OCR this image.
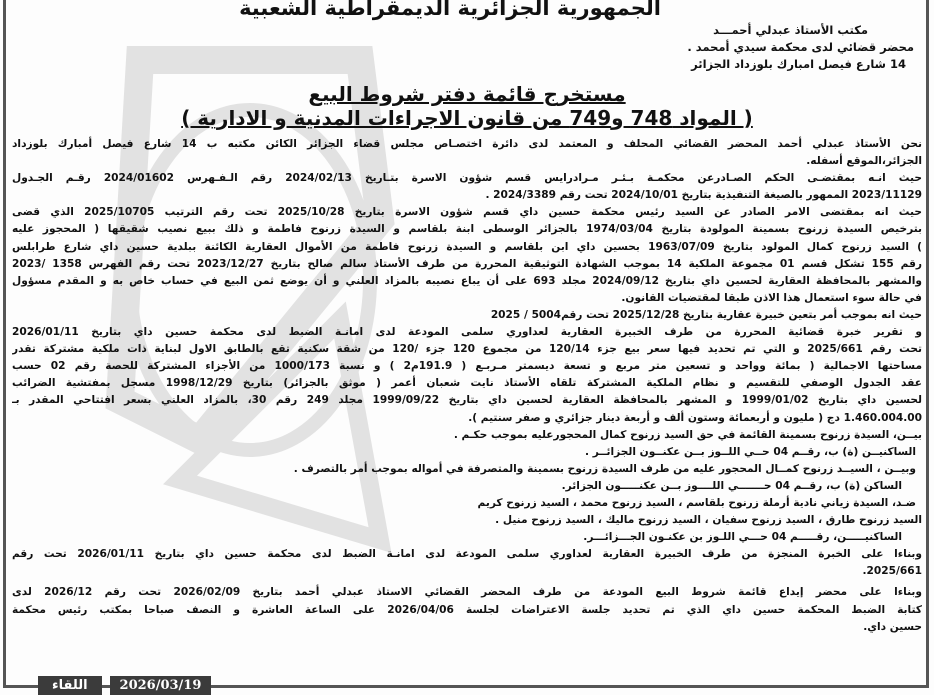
الجمهورية الجزائرية الديمقراطية الشعبية
مكتب الأستاذ عبدلي أحمـــد
محضر قضائي لدى محكمة سيدي أمحمد .
14 شارع فيصل امبارك بلوزداد الجزائر
مستخرج قائمة دفتر شروط البيع
( المواد 748 و749 من قانون الاجراءات المدنية و الادارية )
نحن الأستاذ عبدلي أحمد المحضر القضائي المحلف و المعتمد لدى دائرة اختصـاص مجلس قضاء الجزائر الكائن مكتبه ب 14 شارع فيصل أمبارك بلوزداد
الجزائر،الموقع أسفله.
حيث انـه بمقتضـى الحكم الصـادرعن محكمـة بـئـر مـرادرايس قسم شؤون الاسرة بتـاريخ 2024/02/13 رقم الـفـهرس 2024/01602 رقـم الجـدول
2023/11129 الممهور بالصيغة التنفيذية بتاريخ 2024/10/01 تحت رقم 2024/3389 .
حيث انه بمقتضى الامر الصادر عن السيد رئيس محكمة حسين داي قسم شؤون الاسرة بتاريخ 2025/10/28 تحت رقم الترتيب 2025/10705 الذي قضى
بترخيص السيدة زرنوح بسمينة المولودة بتاريخ 1974/03/04 بالجزائر الوسطى ابنة بلقاسم و السيدة زرنوح فاطمة و ذلك ببيع نصيب شقيقها ( المحجوز عليه
) السيد زرنوح كمال المولود بتاريخ 1963/07/09 بحسين داي ابن بلقاسم و السيدة زرنوح فاطمة من الأموال العقارية الكائنة ببلدية حسين داي شارع طرابلس
رقم 155 تشكل قسم 01 مجموعة الملكية 14 بموجب الشهادة التوثيقية المحررة من طرف الأستاذ سالم صالح بتاريخ 2023/12/27 تحت رقم الفهرس 1358 /2023
والمشهر بالمحافظة العقارية لحسين داي بتاريخ 2024/09/12 مجلد 693 على أن يباع نصيبه بالمزاد العلني و أن يوضع ثمن البيع في حساب خاص به و المقدم مسؤول
في حالة سوء استعمال هذا الاذن طبقا لمقتضيات القانون.
حيث انه بموجب أمر بتعين خبيرة عقارية بتاريخ 2025/12/28 تحت رقم5004 / 2025
و تقرير خبرة قضائية المحررة من طرف الخبيرة العقارية لعداوري سلمى المودعة لدى امانـة الضبط لدى محكمة حسين داي بتاريخ 2026/01/11
تحت رقم 2025/661 و التي تم تحديد فيها سعر بيع جزء 120/14 من مجموع 120 جزء /120 من شقة سكنية تقع بالطابق الاول لبناية ذات ملكية مشتركة تقدر
مساحتها الاجمالية ( بمائة وواحد و تسعين متر مربع و تسعة ديسمتر مـربـع ( 191.9م2 ) و نسبة 1000/173 من الأجزاء المشتركة للحصة رقم 02 حسب
عقد الجدول الوصفي للتقسيم و نظام الملكية المشتركة تلقاه الأستاذ نايت شعبان أعمر ( موثق بالجزائر) بتاريخ 1998/12/29 مسجل بمفتشية الضرائب
لحسين داي بتاريخ 1999/01/02 و المشهر بالمحافظة العقارية لحسين داي بتاريخ 1999/09/22 مجلد 249 رقم 30، بالمزاد العلني بسعر افتتاحي المقدر بـ
1.460.004.00 دج ( مليون و أربعمائة وستون ألف و أربعة دينار جزائري و صفر سنتيم ).
بيــن، السيدة زرنوح بسمينة القائمة في حق السيد زرنوح كمال المحجورعليه بموجب حكـم .
الساكنيــن (ة) ب، رقــم 04 حــي اللــوز بــن عكنــون الجزائــر .
وبيــن ، السيــد زرنوح كمــال المحجور عليه من طرف السيدة زرنوح بسمينة والمتصرفة في أمواله بموجب أمر بالتصرف .
الساكن (ة) ب، رقــم 04 حـــــــي اللــــوز بــن عكنـــــون الجزائر.
ضـد، السيدة زياني نادية أرملة زرنوح بلقاسم ، السيد زرنوح محمد ، السيد زرنوح كريم
السيد زرنوح طارق ، السيد زرنوح سفيان ، السيد زرنوح ماليك ، السيد زرنوح منيل .
الساكنيـــــن، رقـــــم 04 حـــي اللـوز بن عكنـون الجـــزائـــر.
وبناءا على الخبرة المنجزة من طرف الخبيرة العقارية لعداوري سلمى المودعة لدى امانـة الضبط لدى محكمة حسين داي بتاريخ 2026/01/11 تحت رقم
2025/661.
وبناءا على محضر إيداع قائمة شروط البيع المودعة من طرف المحضر القضائي الاستاذ عبدلي أحمد بتاريخ 2026/02/09 تحت رقم 2026/12 لدى
كتابة الضبط المحكمة حسين داي الذي تم تحديد جلسة الاعتراضات لجلسة 2026/04/06 على الساعة العاشرة و النصف صباحا بمكتب رئيس محكمة
حسين داي.
اللقاء	2026/03/19
